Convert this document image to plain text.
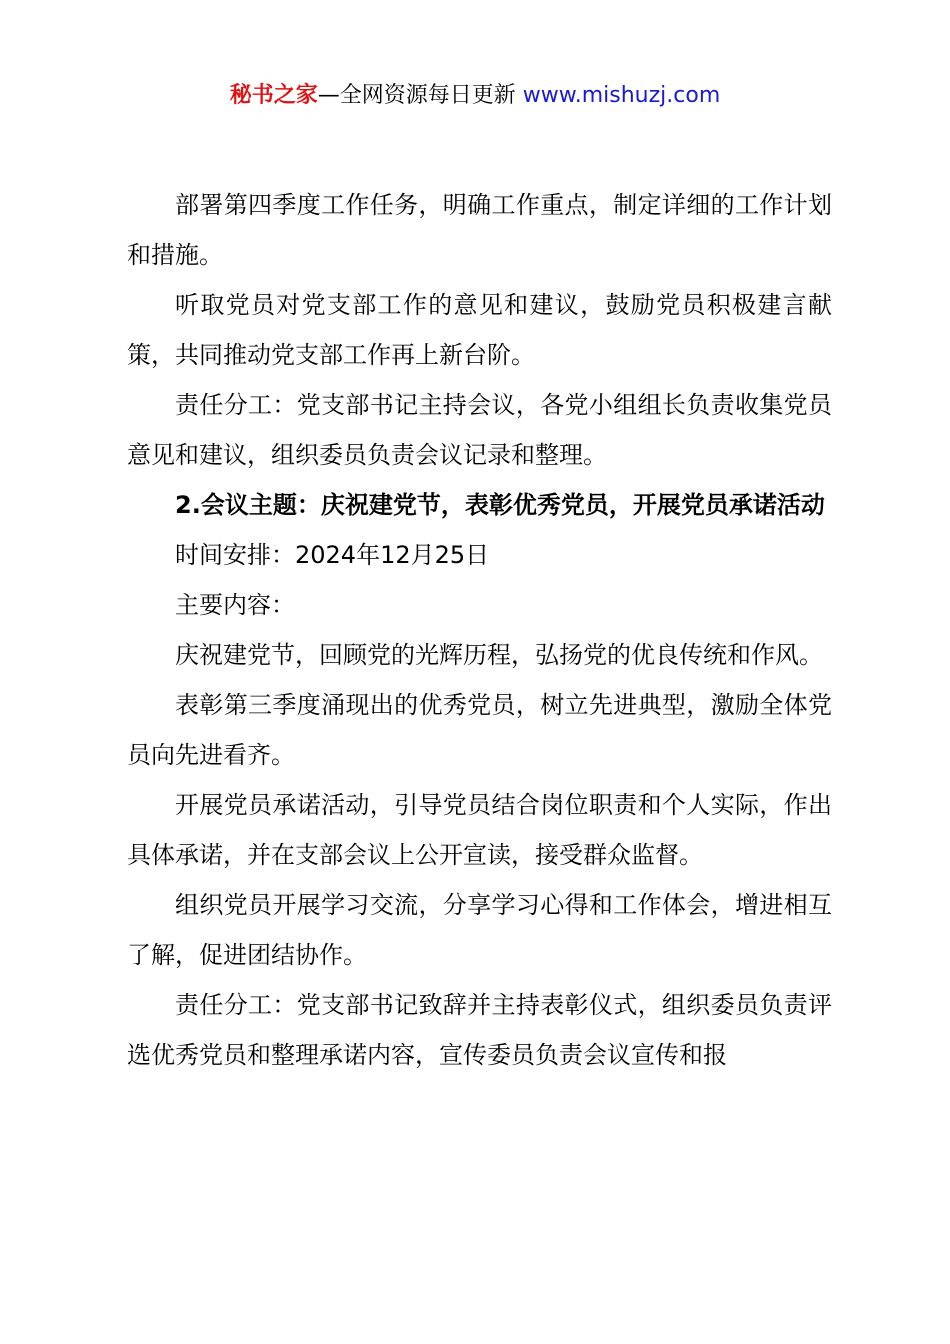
秘书之家—全网资源每日更新 www.mishuzj.com

部署第四季度工作任务，明确工作重点，制定详细的工作计划和措施。

听取党员对党支部工作的意见和建议，鼓励党员积极建言献策，共同推动党支部工作再上新台阶。

责任分工：党支部书记主持会议，各党小组组长负责收集党员意见和建议，组织委员负责会议记录和整理。

2.会议主题：庆祝建党节，表彰优秀党员，开展党员承诺活动

时间安排：2024年12月25日

主要内容：

庆祝建党节，回顾党的光辉历程，弘扬党的优良传统和作风。

表彰第三季度涌现出的优秀党员，树立先进典型，激励全体党员向先进看齐。

开展党员承诺活动，引导党员结合岗位职责和个人实际，作出具体承诺，并在支部会议上公开宣读，接受群众监督。

组织党员开展学习交流，分享学习心得和工作体会，增进相互了解，促进团结协作。

责任分工：党支部书记致辞并主持表彰仪式，组织委员负责评选优秀党员和整理承诺内容，宣传委员负责会议宣传和报
